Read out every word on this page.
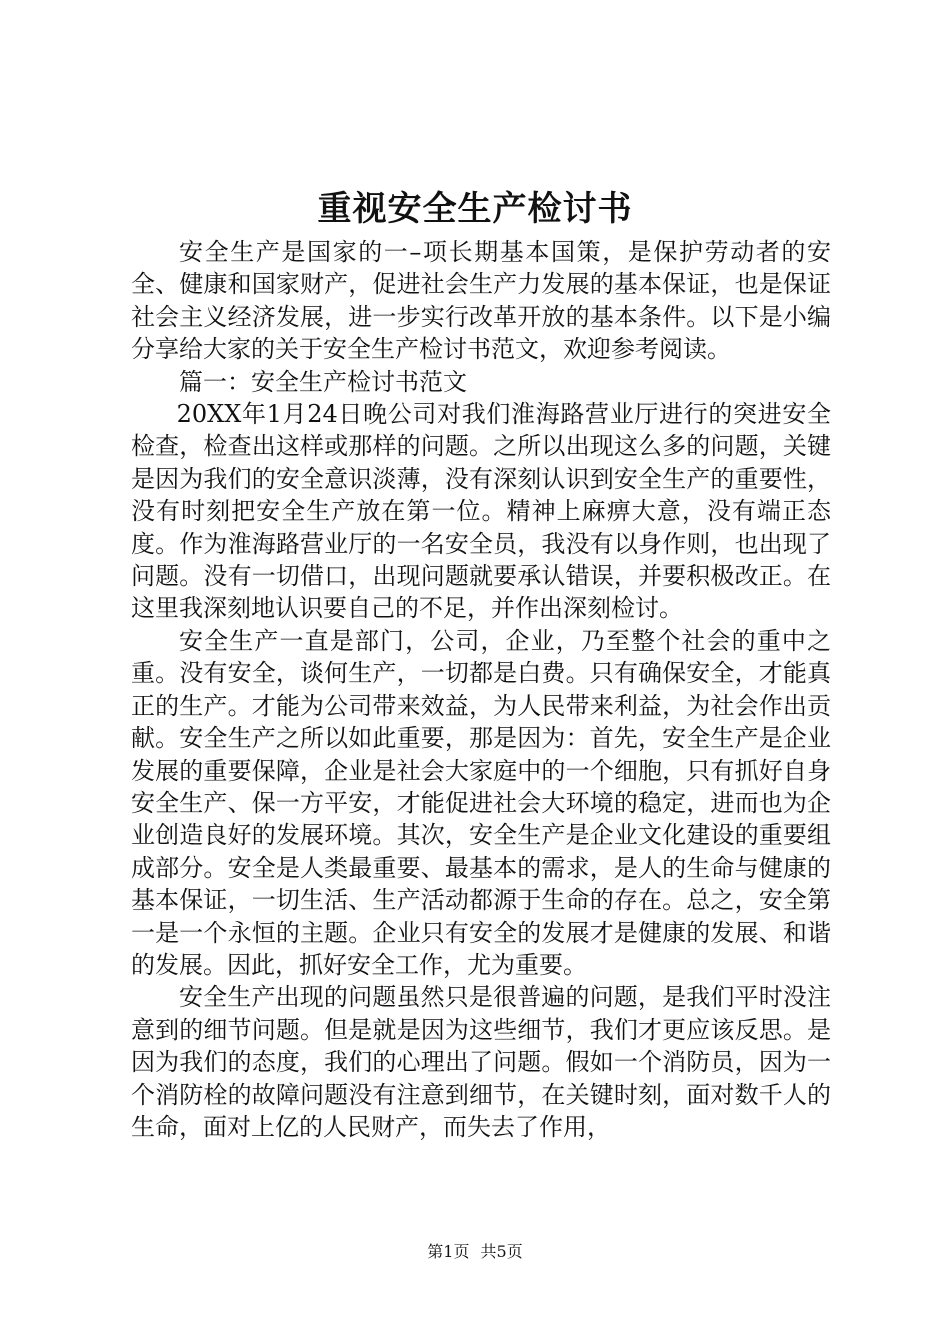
重视安全生产检讨书

安全生产是国家的一–项长期基本国策，是保护劳动者的安全、健康和国家财产，促进社会生产力发展的基本保证，也是保证社会主义经济发展，进一步实行改革开放的基本条件。以下是小编分享给大家的关于安全生产检讨书范文，欢迎参考阅读。

篇一：安全生产检讨书范文

20XX年1月24日晚公司对我们淮海路营业厅进行的突进安全检查，检查出这样或那样的问题。之所以出现这么多的问题，关键是因为我们的安全意识淡薄，没有深刻认识到安全生产的重要性，没有时刻把安全生产放在第一位。精神上麻痹大意，没有端正态度。作为淮海路营业厅的一名安全员，我没有以身作则，也出现了问题。没有一切借口，出现问题就要承认错误，并要积极改正。在这里我深刻地认识要自己的不足，并作出深刻检讨。

安全生产一直是部门，公司，企业，乃至整个社会的重中之重。没有安全，谈何生产，一切都是白费。只有确保安全，才能真正的生产。才能为公司带来效益，为人民带来利益，为社会作出贡献。安全生产之所以如此重要，那是因为：首先，安全生产是企业发展的重要保障，企业是社会大家庭中的一个细胞，只有抓好自身安全生产、保一方平安，才能促进社会大环境的稳定，进而也为企业创造良好的发展环境。其次，安全生产是企业文化建设的重要组成部分。安全是人类最重要、最基本的需求，是人的生命与健康的基本保证，一切生活、生产活动都源于生命的存在。总之，安全第一是一个永恒的主题。企业只有安全的发展才是健康的发展、和谐的发展。因此，抓好安全工作，尤为重要。

安全生产出现的问题虽然只是很普遍的问题，是我们平时没注意到的细节问题。但是就是因为这些细节，我们才更应该反思。是因为我们的态度，我们的心理出了问题。假如一个消防员，因为一个消防栓的故障问题没有注意到细节，在关键时刻，面对数千人的生命，面对上亿的人民财产，而失去了作用，

第1页 共5页
